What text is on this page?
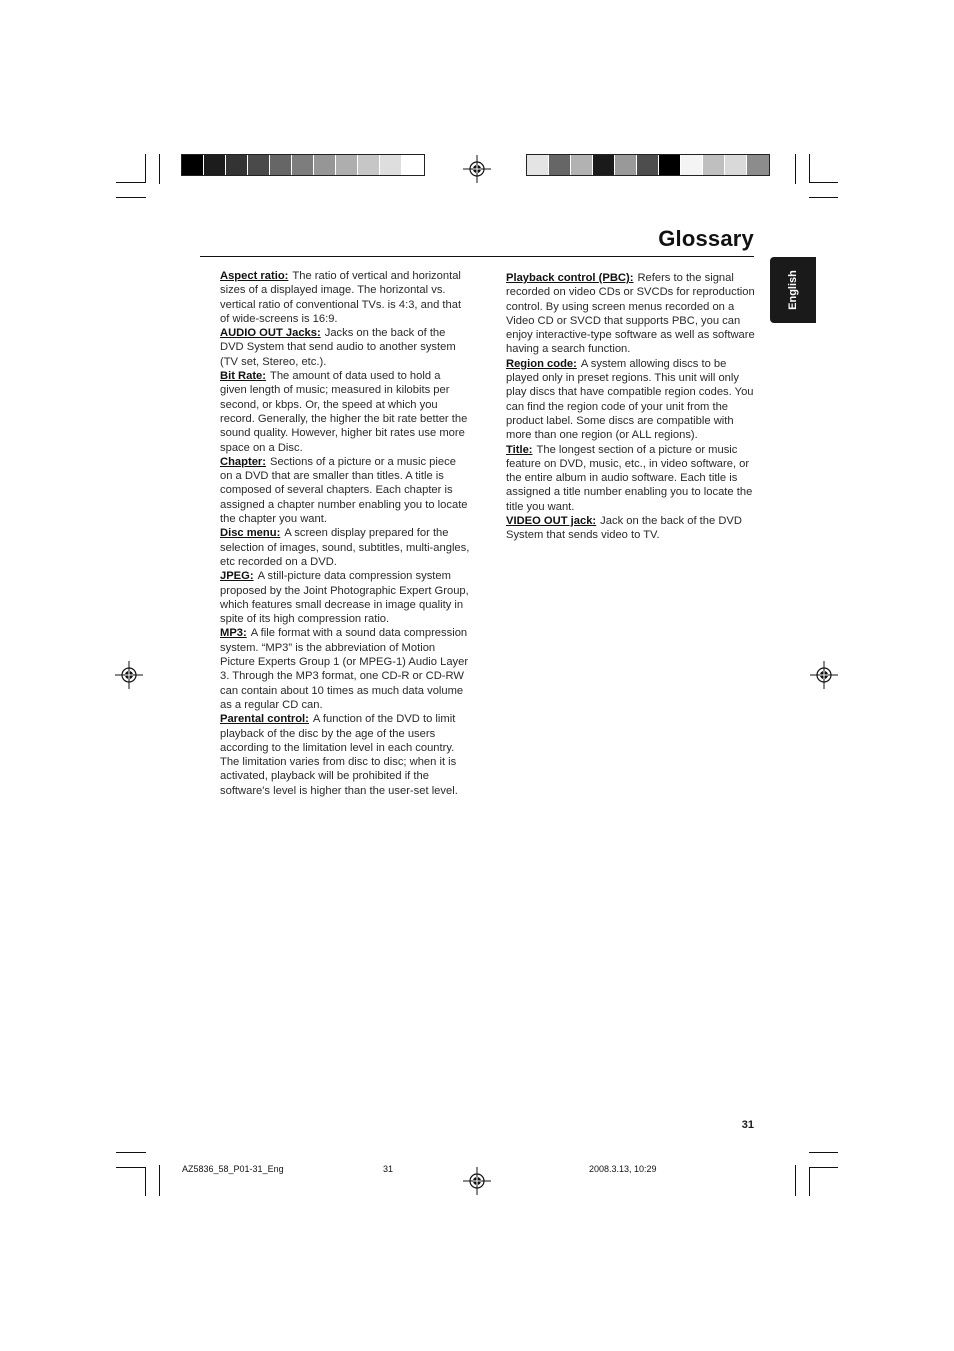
Glossary
English

Aspect ratio: The ratio of vertical and horizontal sizes of a displayed image. The horizontal vs. vertical ratio of conventional TVs. is 4:3, and that of wide-screens is 16:9.

AUDIO OUT Jacks: Jacks on the back of the DVD System that send audio to another system (TV set, Stereo, etc.).

Bit Rate: The amount of data used to hold a given length of music; measured in kilobits per second, or kbps. Or, the speed at which you record. Generally, the higher the bit rate better the sound quality. However, higher bit rates use more space on a Disc.

Chapter: Sections of a picture or a music piece on a DVD that are smaller than titles. A title is composed of several chapters. Each chapter is assigned a chapter number enabling you to locate the chapter you want.

Disc menu: A screen display prepared for the selection of images, sound, subtitles, multi-angles, etc recorded on a DVD.

JPEG: A still-picture data compression system proposed by the Joint Photographic Expert Group, which features small decrease in image quality in spite of its high compression ratio.

MP3: A file format with a sound data compression system. “MP3” is the abbreviation of Motion Picture Experts Group 1 (or MPEG-1) Audio Layer 3. Through the MP3 format, one CD-R or CD-RW can contain about 10 times as much data volume as a regular CD can.

Parental control: A function of the DVD to limit playback of the disc by the age of the users according to the limitation level in each country. The limitation varies from disc to disc; when it is activated, playback will be prohibited if the software's level is higher than the user-set level.

Playback control (PBC): Refers to the signal recorded on video CDs or SVCDs for reproduction control. By using screen menus recorded on a Video CD or SVCD that supports PBC, you can enjoy interactive-type software as well as software having a search function.

Region code: A system allowing discs to be played only in preset regions. This unit will only play discs that have compatible region codes. You can find the region code of your unit from the product label. Some discs are compatible with more than one region (or ALL regions).

Title: The longest section of a picture or music feature on DVD, music, etc., in video software, or the entire album in audio software. Each title is assigned a title number enabling you to locate the title you want.

VIDEO OUT jack: Jack on the back of the DVD System that sends video to TV.

31
AZ5836_58_P01-31_Eng	31	2008.3.13, 10:29
